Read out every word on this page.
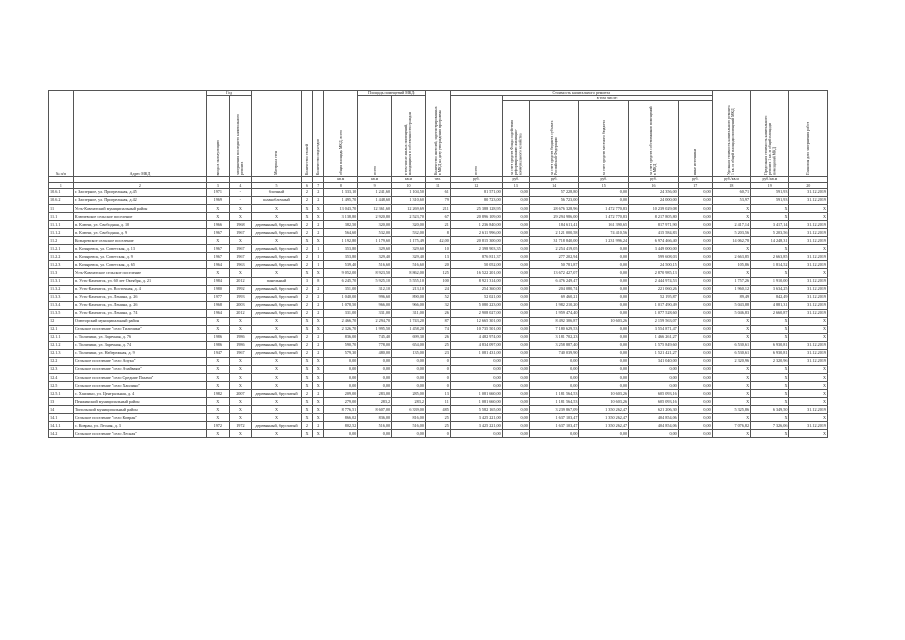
№ п/п	Адрес МКД	Год		Материал стен	Количество этажей	Количество подъездов	общая площадь МКД, всего	Площадь помещений МКД:		Количество жителей, зарегистрированных в МКД на дату утверждения программы	Стоимость капитального ремонта						Удельная стоимость капитального ремонта 1 кв. м общей площади помещений МКД	Предельная стоимость капитального ремонта 1 кв. м общей площади помещений МКД	Плановая дата завершения работ
		ввода в эксплуатацию	завершения последнего капитального ремонта					всего	в том числе жилых помещений, находящихся в собственности граждан		всего	в том числе:							
												за счет средств Фонда содействия реформированию жилищно-коммунального хозяйства	за счет средств бюджета субъекта Российской Федерации	за счет средств местного бюджета	за счет средств собственников помещений в МКД	иные источники			
							кв.м	кв.м	кв.м	чел.	руб.	руб.	руб.	руб.	руб.	руб.	руб./кв.м	руб./кв.м	
1	2	3	4	5	6	7	8	9	10	11	12	13	14	15	16	17	18	19	20
10.6.1	г. Заозерное, ул. Пригрельная, д.45	1971	-	блочный	2	2	1 333,10	1 241,60	1 104,50	61	81 571,00	0,00	57 228,80	0,00	24 356,00	0,00	60,71	591,93	31.12.2019
10.6.2	г. Заозерное, ул. Пригрельная, д.42	1969	-	шлакоблочный	2	2	1 495,70	1 448,60	1 310,60	79	80 723,00	0,00	56 723,00	0,00	24 000,00	0,00	53,97	591,93	31.12.2019
11	Усть-Камчатский муниципальный район	X	X	X	X	X	13 043,70	12 361,60	12 269,69	211	25 388 128,95	0,00	28 676 328,96	1 472 770,83	10 239 029,08	0,00	X	X	X
11.1	Ключевское сельское поселение	X	X	X	X	X	3 138,80	2 920,80	2 523,70	67	20 896 109,00	0,00	29 294 986,00	1 472 770,83	8 217 805,80	0,00	X	X	X
11.1.1	п. Ключи, ул. Свободная, д. 10	1966	1968	деревянный, брусчатый	2	2	382,50	320,00	320,00	21	1 236 840,00	0,00	184 611,41	161 390,65	817 971,90	0,00	2 417,14	3 417,14	31.12.2019
11.1.2	п. Ключи, ул. Свободная, д. 9	1967	1967	деревянный, брусчатый	2	2	564,60	532,00	532,00	8	2 611 996,00	0,00	2 121 000,58	74 410,56	415 584,83	0,00	5 203,56	5 203,56	31.12.2019
11.2	Козыревское сельское поселение	X	X	X	X	X	1 192,80	1 179,60	1 175,49	42,00	20 815 300,00	0,00	31 718 840,00	1 231 996,24	6 974 466,40	0,00	14 062,78	14 248,31	31.12.2019
11.2.1	п. Козыревск, ул. Советская, д. 13	1967	1967	деревянный, брусчатый	2	1	353,80	329,60	329,60	10	2 398 903,35	0,00	2 254 419,05	0,00	3 449 000,00	0,00	X	X	X
11.2.2	п. Козыревск, ул. Советская, д. 9	1967	1967	деревянный, брусчатый	2	1	353,80	329,40	329,40	13	876 811,37	0,00	277 202,94	0,00	599 608,03	0,00	2 663,85	2 663,85	31.12.2019
11.2.3	п. Козыревск, ул. Советская, д. 65	1964	1963	деревянный, брусчатый	2	1	539,40	516,60	516,60	20	50 052,00	0,00	50 781,87	0,00	24 500,15	0,00	105,86	1 814,52	31.12.2019
11.3	Усть-Камчатское сельское поселение	X	X	X	X	X	9 052,00	8 923,50	8 862,00	125	16 522 201,00	0,00	13 672 427,07	0,00	2 870 985,13	0,00	X	X	X
11.3.1	п. Усть-Камчатск, ул. 60 лет Октября, д. 21	1984	2012	панельный	3	8	6 245,70	5 925,10	5 555,10	100	8 921 314,00	0,00	6 476 249,47	0,00	2 444 974,53	0,00	1 757,26	1 910,00	31.12.2019
11.3.2	п. Усть-Камчатск, ул. Восточная, д. 4	1980	1992	деревянный, брусчатый	2	2	351,00	312,10	213,10	24	254 360,00	0,00	204 080,74	0,00	221 060,26	0,00	1 960,12	3 634,25	31.12.2019
11.3.3	п. Усть-Камчатск, ул. Ленина, д. 26	1977	1993	деревянный, брусчатый	2	2	1 040,00	996,60	890,00	52	52 021,00	0,00	69 460,21	0,00	52 195,87	0,00	89,49	842,49	31.12.2019
11.3.4	п. Усть-Камчатск, ул. Ленина, д. 26	1968	2003	деревянный, брусчатый	2	2	1 078,50	966,00	966,00	32	5 080 223,00	0,00	1 982 210,20	0,00	1 017 490,49	0,00	5 043,88	4 881,31	31.12.2019
11.3.5	п. Усть-Камчатск, ул. Ленина, д. 74	1964	2012	деревянный, брусчатый	2	2	331,00	331,00	311,00	26	2 908 027,00	0,00	1 959 474,40	0,00	1 077 528,60	0,00	5 046,83	2 660,87	31.12.2019
12	Олюторский муниципальный район	X	X	X	X	X	2 466,70	2 294,70	1 743,20	87	12 665 301,00	0,00	8 492 306,87	10 603,26	2 159 563,07	0,00	X	X	X
12.1	Сельское поселение "село Тиличики"	X	X	X	X	X	2 326,70	1 995,50	1 458,20	74	10 735 501,00	0,00	7 180 629,53	0,00	3 554 871,47	0,00	X	X	X
12.1.1	с. Тиличики, ул. Заречная, д. 76	1986	1986	деревянный, брусчатый	2	2	836,00	745,40	699,30	26	4 482 974,00	0,00	3 181 702,23	0,00	1 466 261,27	0,00	X	X	X
12.1.2	с. Тиличики, ул. Заречная, д. 74	1986	1986	деревянный, брусчатый	2	2	590,70	778,00	654,00	25	4 834 097,00	0,00	3 258 887,40	0,00	1 575 849,60	0,00	6 530,61	6 930,81	31.12.2019
12.1.3	с. Тиличики, ул. Набережная, д. 9	1947	1967	деревянный, брусчатый	2	2	579,30	480,00	135,00	23	1 081 431,00	0,00	740 039,90	0,00	1 521 421,27	0,00	6 530,61	6 930,81	31.12.2019
12.2	Сельское поселение "село Апука"	X	X	X	X	X	0,00	0,00	0,00	0	0,00	0,00	0,00	0,00	341 040,00	0,00	2 320,96	2 320,96	31.12.2019
12.3	Сельское поселение "село Ачайваям"	X	X	X	X	X	0,00	0,00	0,00	0	0,00	0,00	0,00	0,00	0,00	0,00	X	X	X
12.4	Сельское поселение "село Средние Пахачи"	X	X	X	X	X	0,00	0,00	0,00	0	0,00	0,00	0,00	0,00	0,00	0,00	X	X	X
12.5	Сельское поселение "село Хаилино"	X	X	X	X	X	0,00	0,00	0,00	0	0,00	0,00	0,00	0,00	0,00	0,00	X	X	X
12.5.1	с. Хаилино, ул. Центральная, д. 4	1982	2007	деревянный, брусчатый	2	2	209,00	283,00	285,00	13	1 081 660,00	0,00	1 181 564,53	10 603,26	605 093,16	0,00	X	X	X
13	Пенжинский муниципальный район	X	X	X	X	X	279,00	283,2	283,2	11	1 081 660,00	0,00	1 181 564,53	10 603,26	605 093,16	0,00	X	X	X
14	Тигильский муниципальный район	X	X	X	X	X	8 776,51	8 607,00	6 339,00	485	5 582 165,00	0,00	3 239 867,09	1 350 262,47	621 206,30	0,00	5 325,86	6 349,50	31.12.2019
14.1	Сельское поселение "село Ковран"	X	X	X	X	X	866,02	836,00	816,00	25	3 425 221,00	0,00	1 637 103,47	1 350 262,47	404 854,06	0,00	X	X	X
14.1.1	с. Ковран, ул. Лесная, д. 3	1972	1972	деревянный, брусчатый	2	2	802,52	516,00	516,00	25	3 425 221,00	0,00	1 637 103,47	1 350 262,47	404 854,06	0,00	7 076,82	7 326,06	31.12.2019
14.2	Сельское поселение "село Лесная"	X	X	X	X	X	0,00	0,00	0,00	0	0,00	0,00	0,00	0,00	0,00	0,00	X	X	X
